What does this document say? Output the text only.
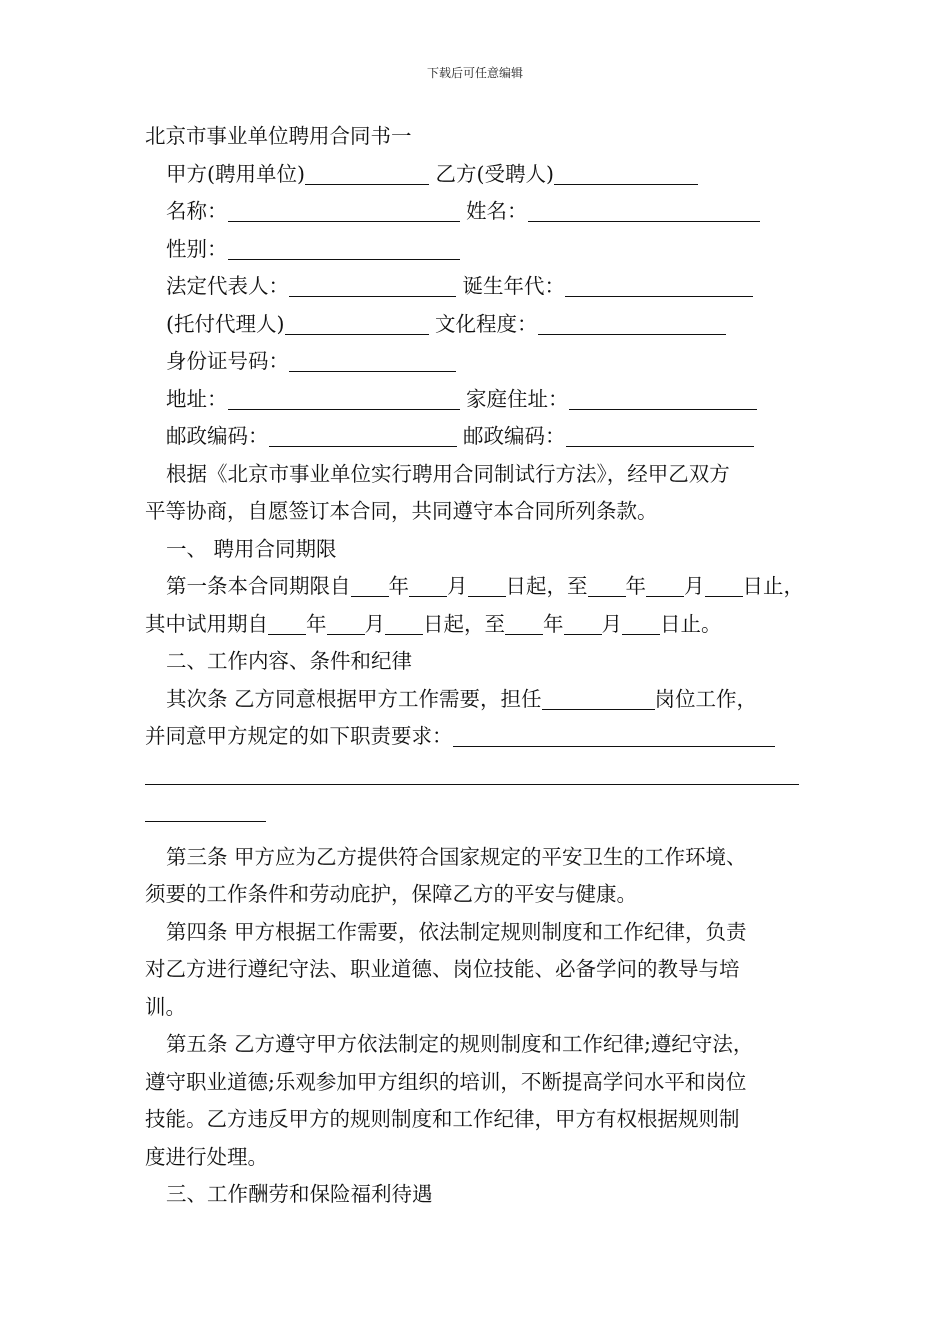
下载后可任意编辑

北京市事业单位聘用合同书一

甲方(聘用单位)	乙方(受聘人)

名称：	姓名：

性别：

法定代表人：	诞生年代：

(托付代理人)	文化程度：

身份证号码：

地址：	家庭住址：

邮政编码：	邮政编码：

根据《北京市事业单位实行聘用合同制试行方法》，经甲乙双方

平等协商，自愿签订本合同，共同遵守本合同所列条款。

一、 聘用合同期限

第一条本合同期限自 年 月 日起，至 年 月 日止，

其中试用期自 年 月 日起，至 年 月 日止。

二、工作内容、条件和纪律

其次条 乙方同意根据甲方工作需要，担任	岗位工作，

并同意甲方规定的如下职责要求：

第三条 甲方应为乙方提供符合国家规定的平安卫生的工作环境、

须要的工作条件和劳动庇护，保障乙方的平安与健康。

第四条 甲方根据工作需要，依法制定规则制度和工作纪律，负责

对乙方进行遵纪守法、职业道德、岗位技能、必备学问的教导与培

训。

第五条 乙方遵守甲方依法制定的规则制度和工作纪律;遵纪守法，

遵守职业道德;乐观参加甲方组织的培训，不断提高学问水平和岗位

技能。乙方违反甲方的规则制度和工作纪律，甲方有权根据规则制

度进行处理。

三、工作酬劳和保险福利待遇
